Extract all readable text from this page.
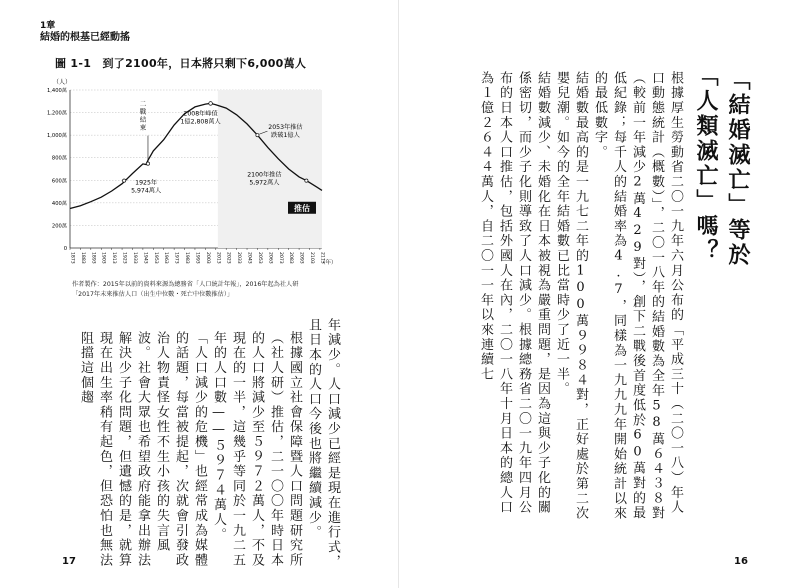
1章
結婚的根基已經動搖
圖 1-1　到了2100年，日本將只剩下6,000萬人
（人）
0
200萬
400萬
600萬
800萬
1,000萬
1,200萬
1,400萬
1873 1883 1893 1903 1913 1923 1933 1943 1953 1963 1973 1983 1993 2003 2013 2023 2033 2043 2053 2063 2073 2083 2093 2103 2113
（年）
推估
二
戰
結
束
2008年峰值
1億2,808萬人
2053年推估
跌破1億人
1925年
5,974萬人
2100年推估
5,972萬人
作者製作：2015年以前的資料來源為總務省「人口統計年報」，2016年起為社人研
「2017年未來推估人口（出生中位數・死亡中位數推估）」

年減少。人口減少已經是現在進行式，且日本的人口今後也將繼續減少。

根據國立社會保障暨人口問題研究所（社人研）推估，二一〇〇年時日本的人口將減少至５９７２萬人，不及現在的一半，這幾乎等同於一九二五年的人口數——５９７４萬人。

「人口減少的危機」也經常成為媒體的話題，每當被提起，次就會引發政治人物責怪女性不生小孩的失言風波。社會大眾也希望政府能拿出辦法解決少子化問題，但遺憾的是，就算現在出生率稍有起色，但恐怕也無法阻擋這個趨

17
「結婚滅亡」等於
「人類滅亡」嗎？

根據厚生勞動省二〇一九年六月公布的「平成三十（二〇一八）年人口動態統計（概數）」，二〇一八年的結婚數為全年58萬６４３８對（較前一年減少2萬429對），創下二戰後首度低於60萬對的最低紀錄；每千人的結婚率為4.7，同樣為一九九九年開始統計以來的最低數字。

結婚數最高的是一九七二年的100萬９９８４對，正好處於第二次嬰兒潮。如今的全年結婚數已比當時少了近一半。

結婚數減少、未婚化在日本被視為嚴重問題，是因為這與少子化的關係密切，而少子化則導致了人口減少。根據總務省二〇一九年四月公布的日本人口推估，包括外國人在內，二〇一八年十月日本的總人口為１億２６４４萬人，自二〇一一年以來連續七

16
